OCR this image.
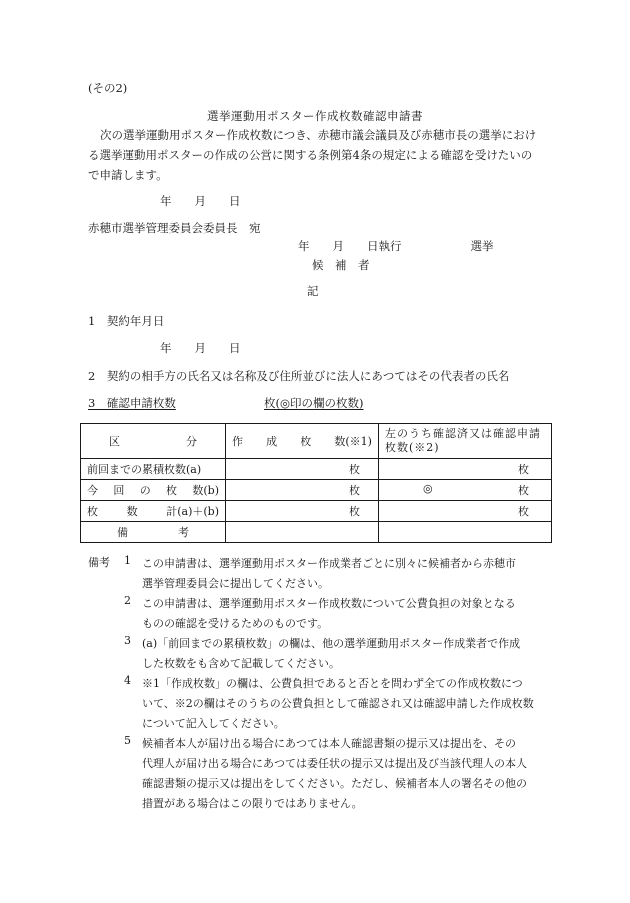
(その2)
選挙運動用ポスター作成枚数確認申請書
次の選挙運動用ポスター作成枚数につき、赤穂市議会議員及び赤穂市長の選挙におけ
る選挙運動用ポスターの作成の公営に関する条例第4条の規定による確認を受けたいの
で申請します。
年　　月　　日
赤穂市選挙管理委員会委員長　宛
年　　月　　日執行　　　　　　選挙
候　補　者
記
1　契約年月日
年　　月　　日
2　契約の相手方の氏名又は名称及び住所並びに法人にあつてはその代表者の氏名
3　確認申請枚数	枚(◎印の欄の枚数)
区 分	作 成 枚 数(※1)	左のうち確認済又は確認申請枚数(※2)
前回までの累積枚数(a)	枚	枚

今 回 の 枚 数(b)	枚	◎ 枚

枚 数 計(a)＋(b)	枚	枚

備 考		

備考 1 この申請書は、選挙運動用ポスター作成業者ごとに別々に候補者から赤穂市
選挙管理委員会に提出してください。
2 この申請書は、選挙運動用ポスター作成枚数について公費負担の対象となる
ものの確認を受けるためのものです。
3 (a)「前回までの累積枚数」の欄は、他の選挙運動用ポスター作成業者で作成
した枚数をも含めて記載してください。
4 ※1「作成枚数」の欄は、公費負担であると否とを問わず全ての作成枚数につ
いて、※2の欄はそのうちの公費負担として確認され又は確認申請した作成枚数
について記入してください。
5 候補者本人が届け出る場合にあつては本人確認書類の提示又は提出を、その
代理人が届け出る場合にあつては委任状の提示又は提出及び当該代理人の本人
確認書類の提示又は提出をしてください。ただし、候補者本人の署名その他の
措置がある場合はこの限りではありません。
